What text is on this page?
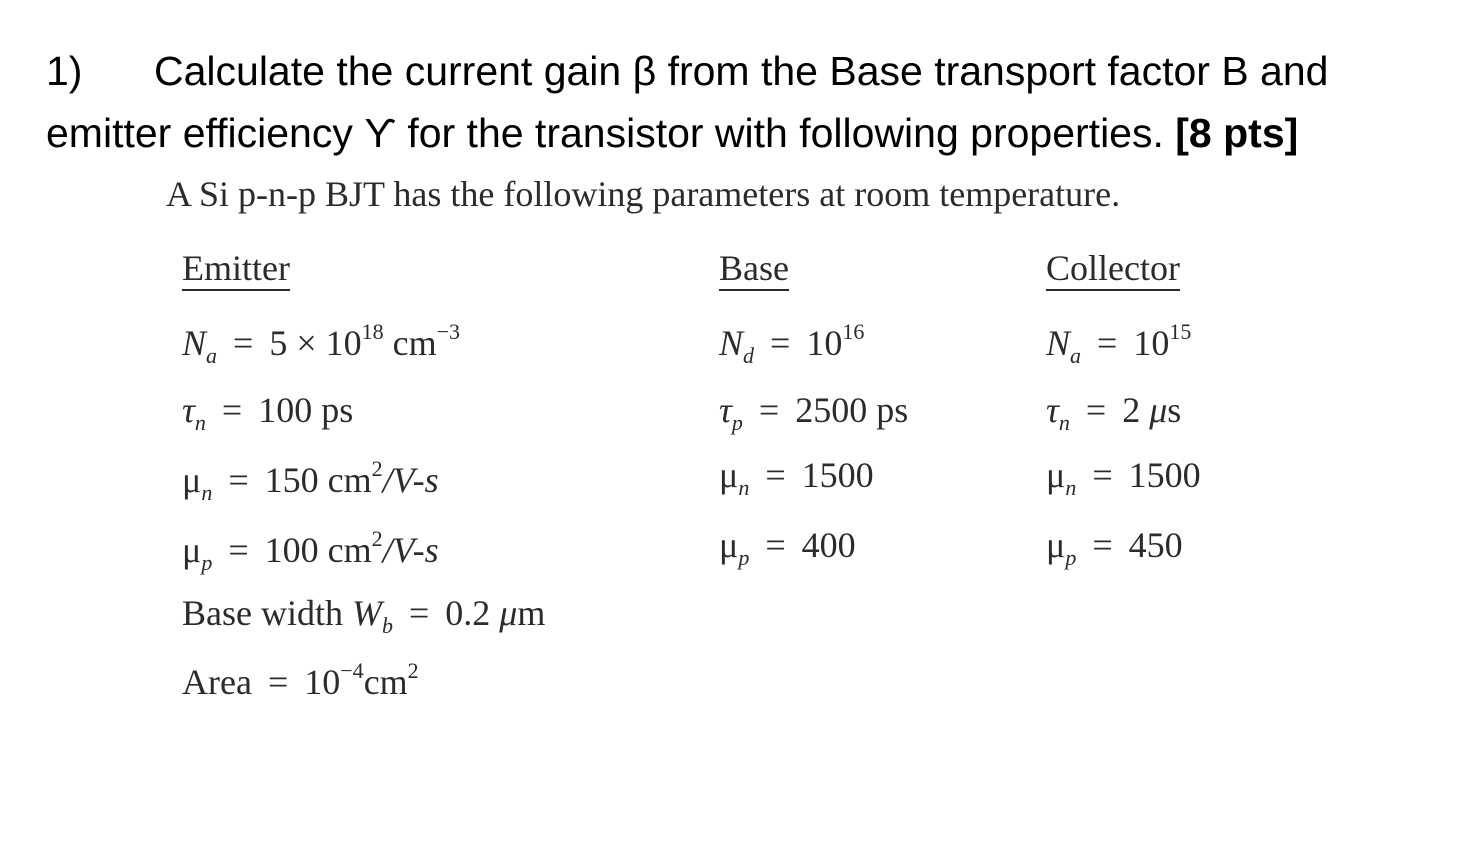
1) Calculate the current gain β from the Base transport factor B and emitter efficiency ϒ for the transistor with following properties. [8 pts]
A Si p-n-p BJT has the following parameters at room temperature.
Emitter	Base	Collector
$N_a = 5 \times 10^{18}$ $cm^{-3}$
$\tau_n = 100$ ps
$\mu_n = 150$ $cm^2/V-s$
$\mu_p = 100$ $cm^2/V-s$
Base width $W_b = 0.2$ μm
Area = $10^{-4}cm^2$
$N_d = 10^{16}$
$\tau_p = 2500$ ps
$\mu_n = 1500$
$\mu_p = 400$
$N_a = 10^{15}$
$\tau_n = 2$ μs
$\mu_n = 1500$
$\mu_p = 450$
